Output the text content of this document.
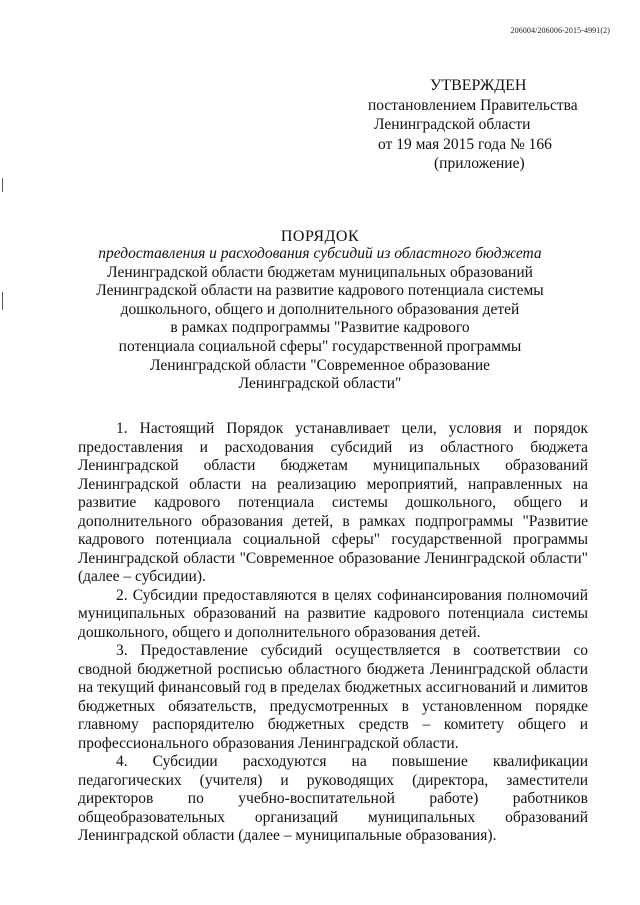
206004/206006-2015-4991(2)
УТВЕРЖДЕН
постановлением Правительства
Ленинградской области
от 19 мая 2015 года № 166
(приложение)
ПОРЯДОК
предоставления и расходования субсидий из областного бюджета
Ленинградской области бюджетам муниципальных образований
Ленинградской области на развитие кадрового потенциала системы
дошкольного, общего и дополнительного образования детей
в рамках подпрограммы "Развитие кадрового
потенциала социальной сферы" государственной программы
Ленинградской области "Современное образование
Ленинградской области"

1. Настоящий Порядок устанавливает цели, условия и порядок предоставления и расходования субсидий из областного бюджета Ленинградской области бюджетам муниципальных образований Ленинградской области на реализацию мероприятий, направленных на развитие кадрового потенциала системы дошкольного, общего и дополнительного образования детей, в рамках подпрограммы "Развитие кадрового потенциала социальной сферы" государственной программы Ленинградской области "Современное образование Ленинградской области" (далее – субсидии).

2. Субсидии предоставляются в целях софинансирования полномочий муниципальных образований на развитие кадрового потенциала системы дошкольного, общего и дополнительного образования детей.

3. Предоставление субсидий осуществляется в соответствии со сводной бюджетной росписью областного бюджета Ленинградской области на текущий финансовый год в пределах бюджетных ассигнований и лимитов бюджетных обязательств, предусмотренных в установленном порядке главному распорядителю бюджетных средств – комитету общего и профессионального образования Ленинградской области.

4. Субсидии расходуются на повышение квалификации педагогических (учителя) и руководящих (директора, заместители директоров по учебно-воспитательной работе) работников общеобразовательных организаций муниципальных образований Ленинградской области (далее – муниципальные образования).
